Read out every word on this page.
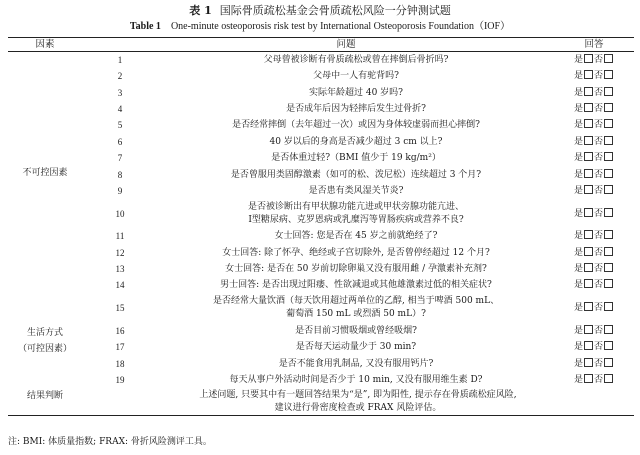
表 1 国际骨质疏松基金会骨质疏松风险一分钟测试题
Table 1 One-minute osteoporosis risk test by International Osteoporosis Foundation（IOF）
因素	问题		回答
不可控因素	1	父母曾被诊断有骨质疏松或曾在摔倒后骨折吗?	是 否
	2	父母中一人有驼背吗?	是 否
	3	实际年龄超过 40 岁吗?	是 否
	4	是否成年后因为轻摔后发生过骨折?	是 否
	5	是否经常摔倒（去年超过一次）或因为身体较虚弱而担心摔倒?	是 否
	6	40 岁以后的身高是否减少超过 3 cm 以上?	是 否
	7	是否体重过轻?（BMI 值少于 19 kg/m²）	是 否
	8	是否曾服用类固醇激素（如可的松、泼尼松）连续超过 3 个月?	是 否
	9	是否患有类风湿关节炎?	是 否
	10	是否被诊断出有甲状腺功能亢进或甲状旁腺功能亢进、
Ⅰ型糖尿病、克罗恩病或乳糜泻等胃肠疾病或营养不良?	是 否
	11	女士回答: 您是否在 45 岁之前就绝经了?	是 否
	12	女士回答: 除了怀孕、绝经或子宫切除外, 是否曾停经超过 12 个月?	是 否
	13	女士回答: 是否在 50 岁前切除卵巢又没有服用雌 / 孕激素补充剂?	是 否
	14	男士回答: 是否出现过阳痿、性欲减退或其他雄激素过低的相关症状?	是 否
生活方式
（可控因素）	15	是否经常大量饮酒（每天饮用超过两单位的乙醇, 相当于啤酒 500 mL、
葡萄酒 150 mL 或烈酒 50 mL）?	是 否
	16	是否目前习惯吸烟或曾经吸烟?	是 否
	17	是否每天运动量少于 30 min?	是 否
	18	是否不能食用乳制品, 又没有服用钙片?	是 否
	19	每天从事户外活动时间是否少于 10 min, 又没有服用维生素 D?	是 否
结果判断	上述问题, 只要其中有一题回答结果为“是”, 即为阳性, 提示存在骨质疏松症风险,
建议进行骨密度检查或 FRAX 风险评估。		
注: BMI: 体质量指数; FRAX: 骨折风险测评工具。
